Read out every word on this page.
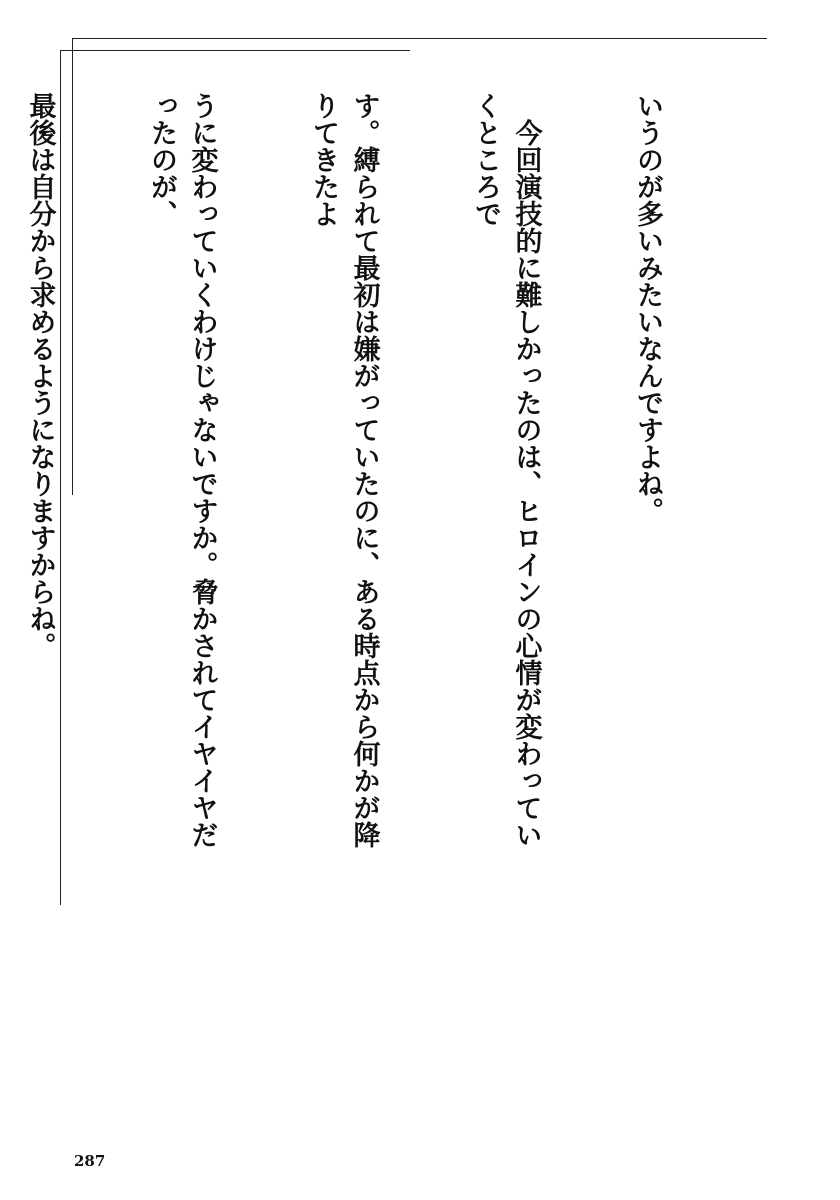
いうのが多いみたいなんですよね。

　今回演技的に難しかったのは、ヒロインの心情が変わっていくところで

す。縛られて最初は嫌がっていたのに、ある時点から何かが降りてきたよ

うに変わっていくわけじゃないですか。脅かされてイヤイヤだったのが、

最後は自分から求めるようになりますからね。

287
